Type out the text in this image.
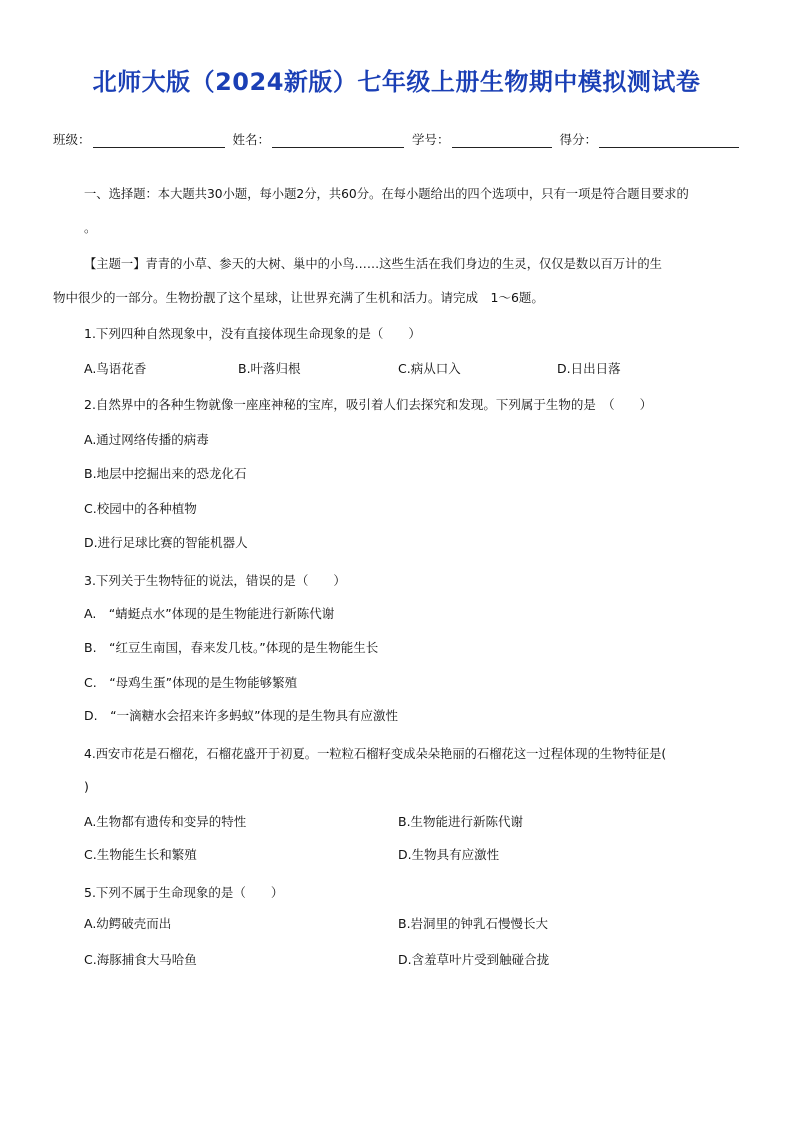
北师大版（2024新版）七年级上册生物期中模拟测试卷
班级：	姓名：	学号：	得分：
一、选择题：本大题共30小题，每小题2分，共60分。在每小题给出的四个选项中，只有一项是符合题目要求的
。
【主题一】青青的小草、参天的大树、巢中的小鸟……这些生活在我们身边的生灵，仅仅是数以百万计的生
物中很少的一部分。生物扮靓了这个星球，让世界充满了生机和活力。请完成　1～6题。
1.下列四种自然现象中，没有直接体现生命现象的是（　　）
A.鸟语花香	B.叶落归根	C.病从口入	D.日出日落
2.自然界中的各种生物就像一座座神秘的宝库，吸引着人们去探究和发现。下列属于生物的是　（　　）
A.通过网络传播的病毒
B.地层中挖掘出来的恐龙化石
C.校园中的各种植物
D.进行足球比赛的智能机器人
3.下列关于生物特征的说法，错误的是（　　）
A.　“蜻蜓点水”体现的是生物能进行新陈代谢
B.　“红豆生南国，春来发几枝。”体现的是生物能生长
C.　“母鸡生蛋”体现的是生物能够繁殖
D.　“一滴糖水会招来许多蚂蚁”体现的是生物具有应激性
4.西安市花是石榴花，石榴花盛开于初夏。一粒粒石榴籽变成朵朵艳丽的石榴花这一过程体现的生物特征是(
)
A.生物都有遗传和变异的特性	B.生物能进行新陈代谢
C.生物能生长和繁殖	D.生物具有应激性
5.下列不属于生命现象的是（　　）
A.幼鳄破壳而出	B.岩洞里的钟乳石慢慢长大
C.海豚捕食大马哈鱼	D.含羞草叶片受到触碰合拢
